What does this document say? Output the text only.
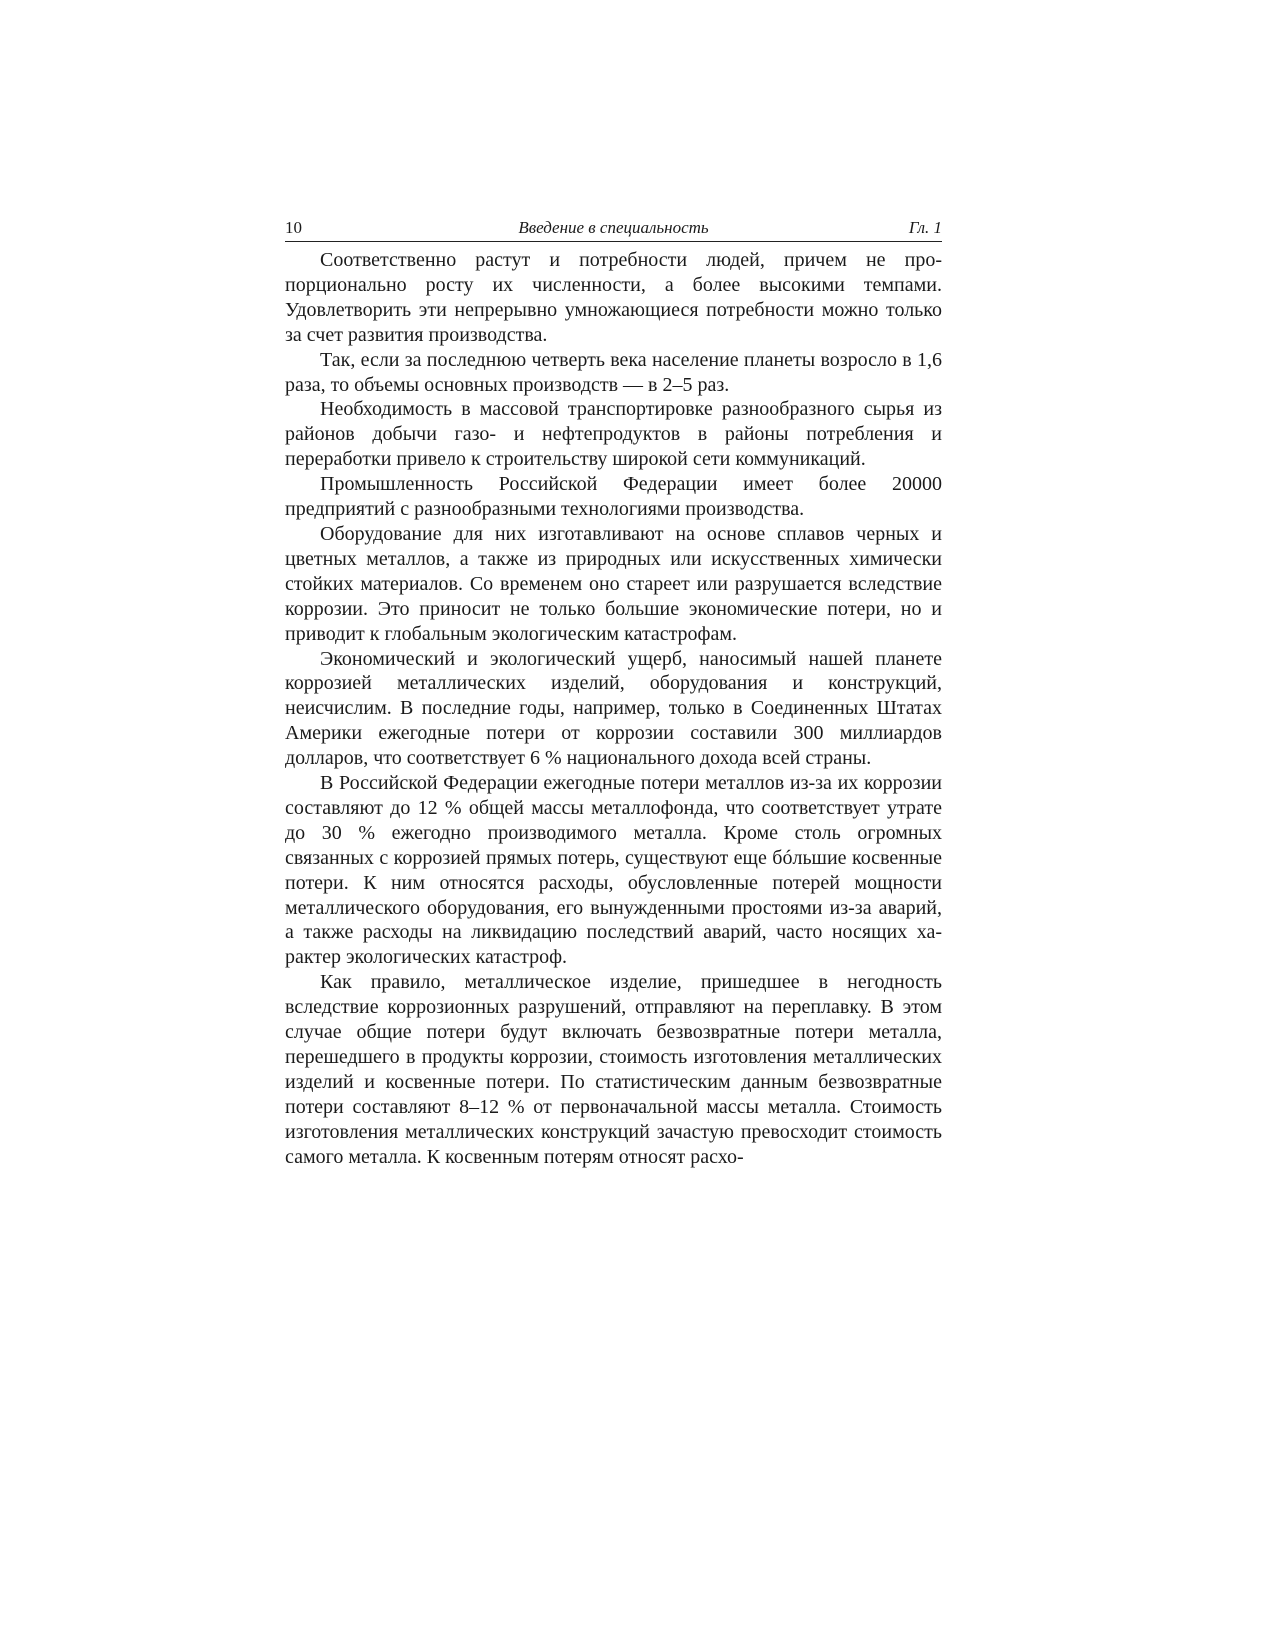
10	Введение в специальность	Гл. 1

Соответственно растут и потребности людей, причем не пропорционально росту их численности, а более высокими темпами. Удовлетворить эти непрерывно умножающиеся потребности можно только за счет развития производства.

Так, если за последнюю четверть века население планеты возросло в 1,6 раза, то объемы основных производств — в 2–5 раз.

Необходимость в массовой транспортировке разнообразного сырья из районов добычи газо- и нефтепродуктов в районы потребления и переработки привело к строительству широкой сети коммуникаций.

Промышленность Российской Федерации имеет более 20000 предприятий с разнообразными технологиями производства.

Оборудование для них изготавливают на основе сплавов черных и цветных металлов, а также из природных или искусственных химически стойких материалов. Со временем оно стареет или разрушается вследствие коррозии. Это приносит не только большие экономические потери, но и приводит к глобальным экологическим катастрофам.

Экономический и экологический ущерб, наносимый нашей планете коррозией металлических изделий, оборудования и конструкций, неисчислим. В последние годы, например, только в Соединенных Штатах Америки ежегодные потери от коррозии составили 300 миллиардов долларов, что соответствует 6 % национального дохода всей страны.

В Российской Федерации ежегодные потери металлов из-за их коррозии составляют до 12 % общей массы металлофонда, что соответствует утрате до 30 % ежегодно производимого металла. Кроме столь огромных связанных с коррозией прямых потерь, существуют еще бóльшие косвенные потери. К ним относятся расходы, обусловленные потерей мощности металлического оборудования, его вынужденными простоями из-за аварий, а также расходы на ликвидацию последствий аварий, часто носящих характер экологических катастроф.

Как правило, металлическое изделие, пришедшее в негодность вследствие коррозионных разрушений, отправляют на переплавку. В этом случае общие потери будут включать безвозвратные потери металла, перешедшего в продукты коррозии, стоимость изготовления металлических изделий и косвенные потери. По статистическим данным безвозвратные потери составляют 8–12 % от первоначальной массы металла. Стоимость изготовления металлических конструкций зачастую превосходит стоимость самого металла. К косвенным потерям относят расхо-
